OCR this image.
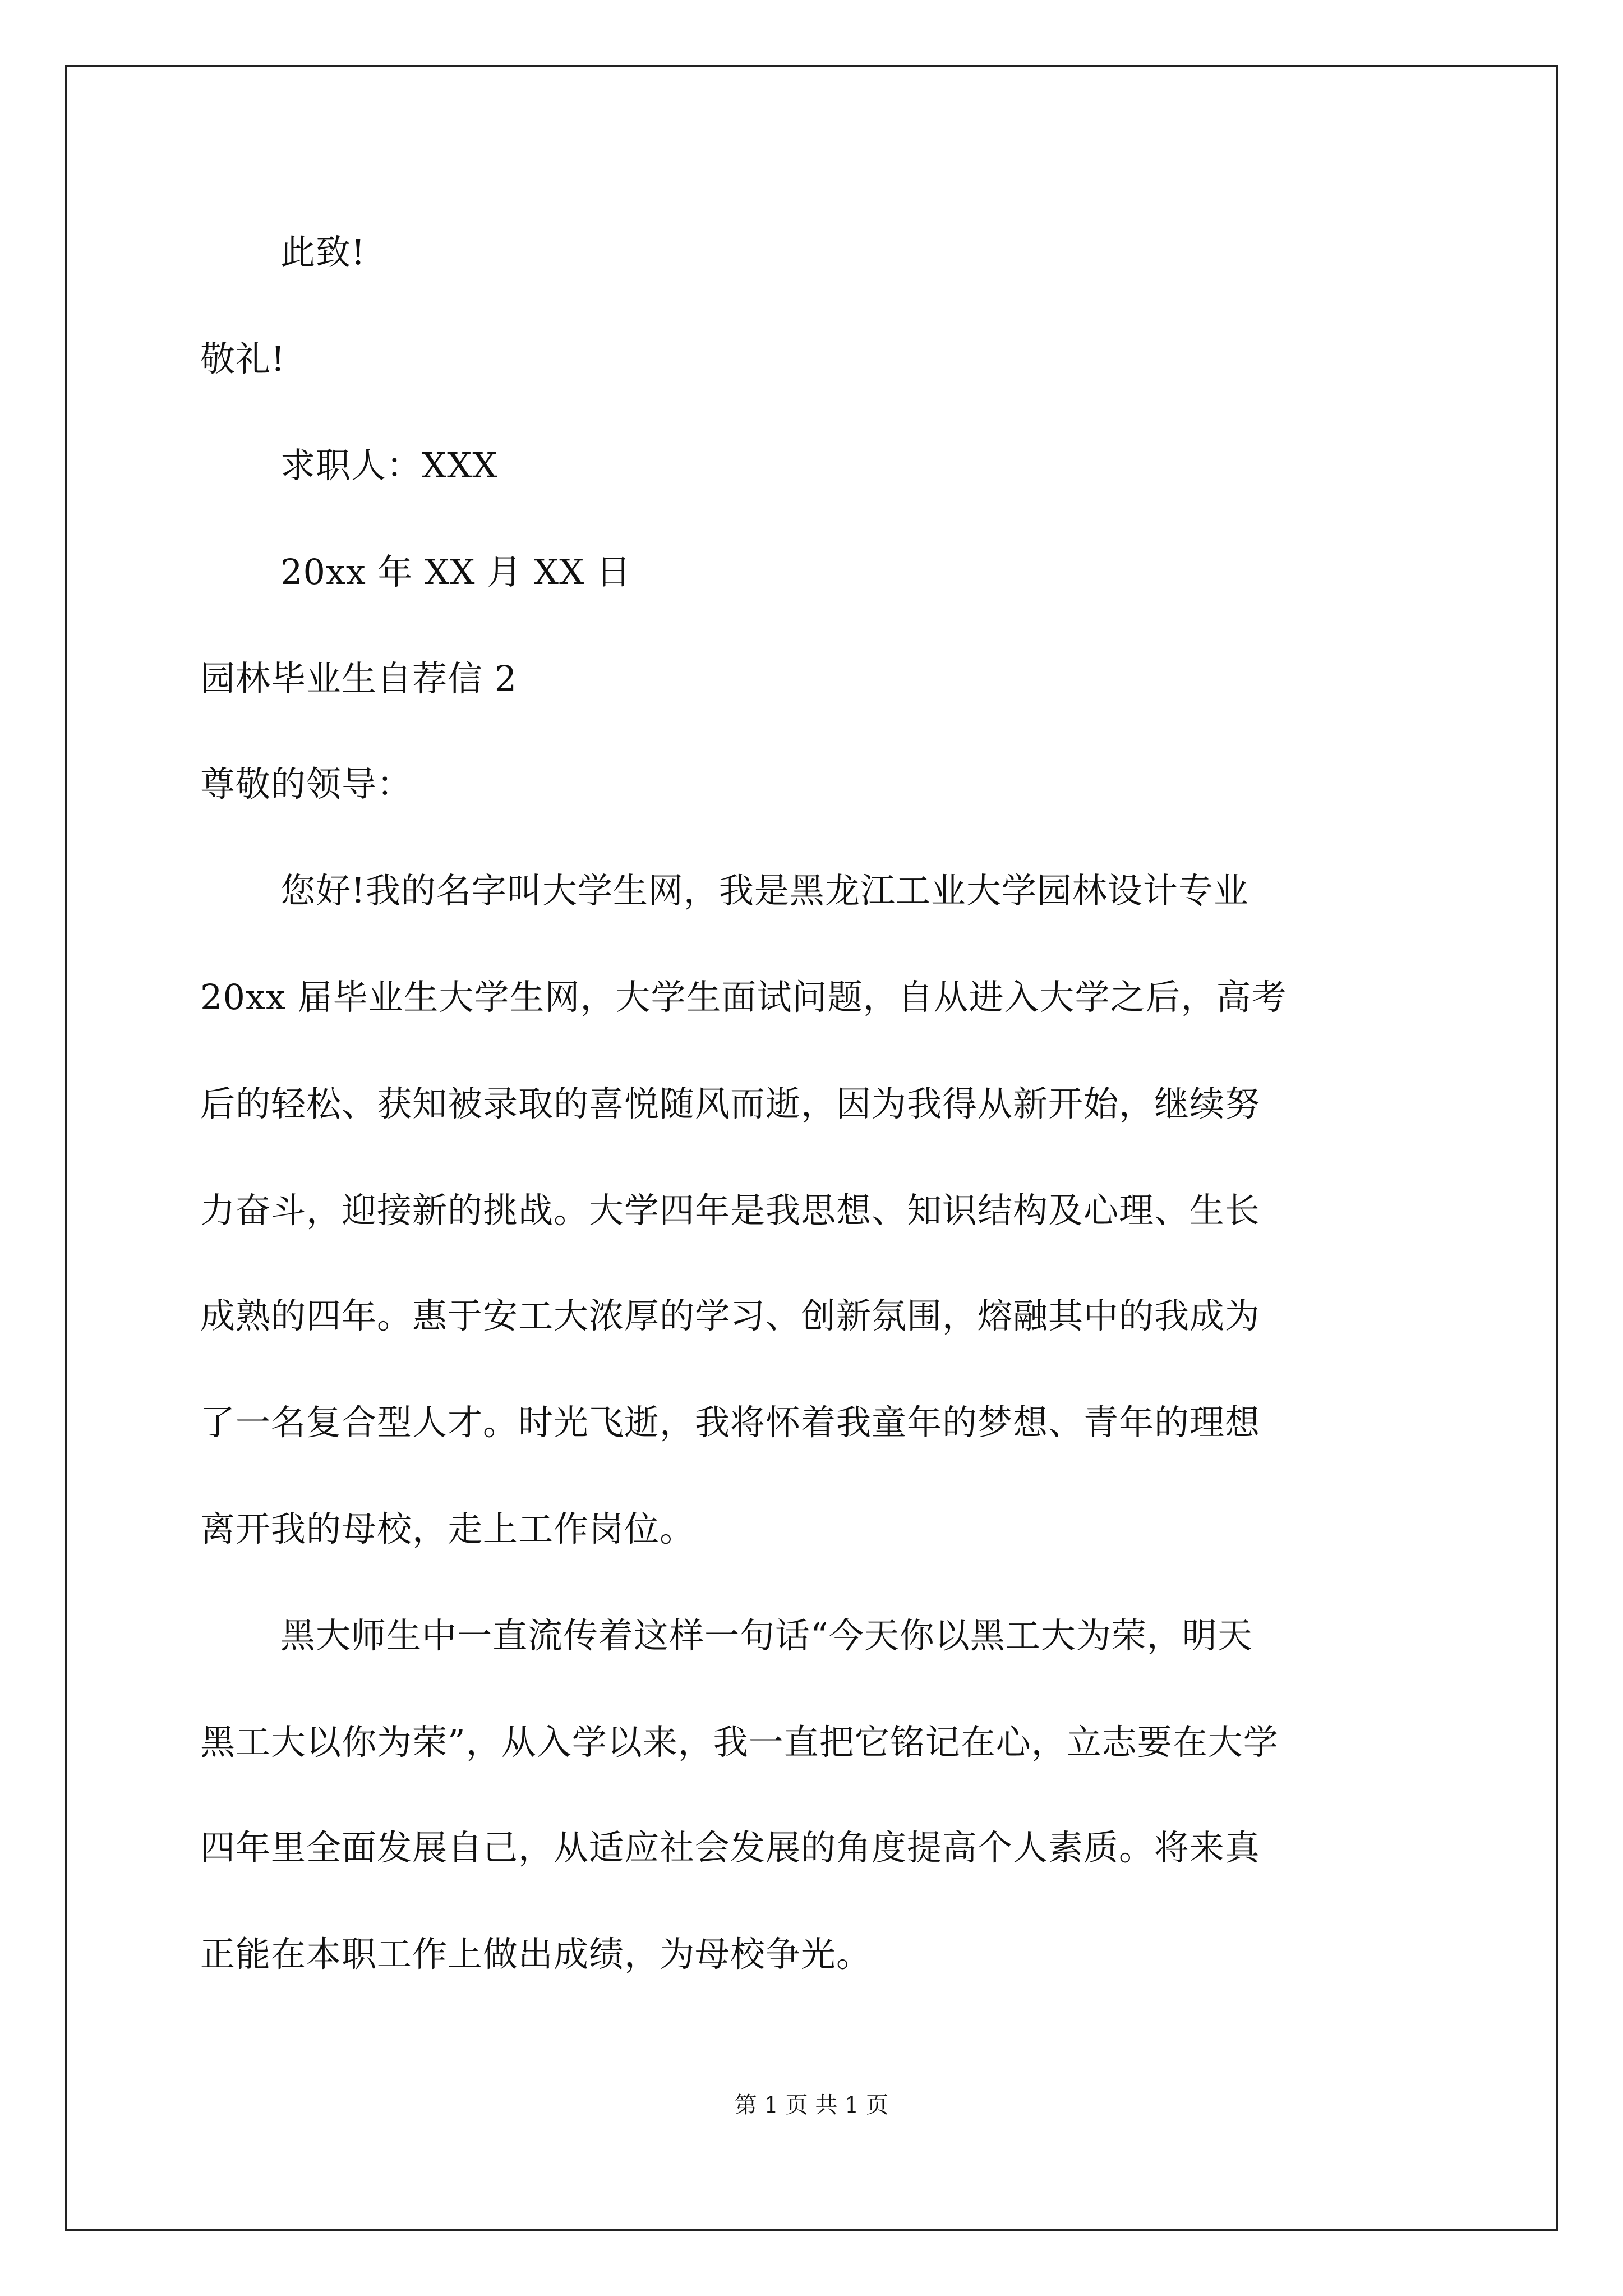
此致!
敬礼!
求职人：XXX
20xx 年 XX 月 XX 日
园林毕业生自荐信 2
尊敬的领导：
您好!我的名字叫大学生网，我是黑龙江工业大学园林设计专业
20xx 届毕业生大学生网，大学生面试问题，自从进入大学之后，高考
后的轻松、获知被录取的喜悦随风而逝，因为我得从新开始，继续努
力奋斗，迎接新的挑战。大学四年是我思想、知识结构及心理、生长
成熟的四年。惠于安工大浓厚的学习、创新氛围，熔融其中的我成为
了一名复合型人才。时光飞逝，我将怀着我童年的梦想、青年的理想
离开我的母校，走上工作岗位。
黑大师生中一直流传着这样一句话“今天你以黑工大为荣，明天
黑工大以你为荣”，从入学以来，我一直把它铭记在心，立志要在大学
四年里全面发展自己，从适应社会发展的角度提高个人素质。将来真
正能在本职工作上做出成绩，为母校争光。
第 1 页 共 1 页
